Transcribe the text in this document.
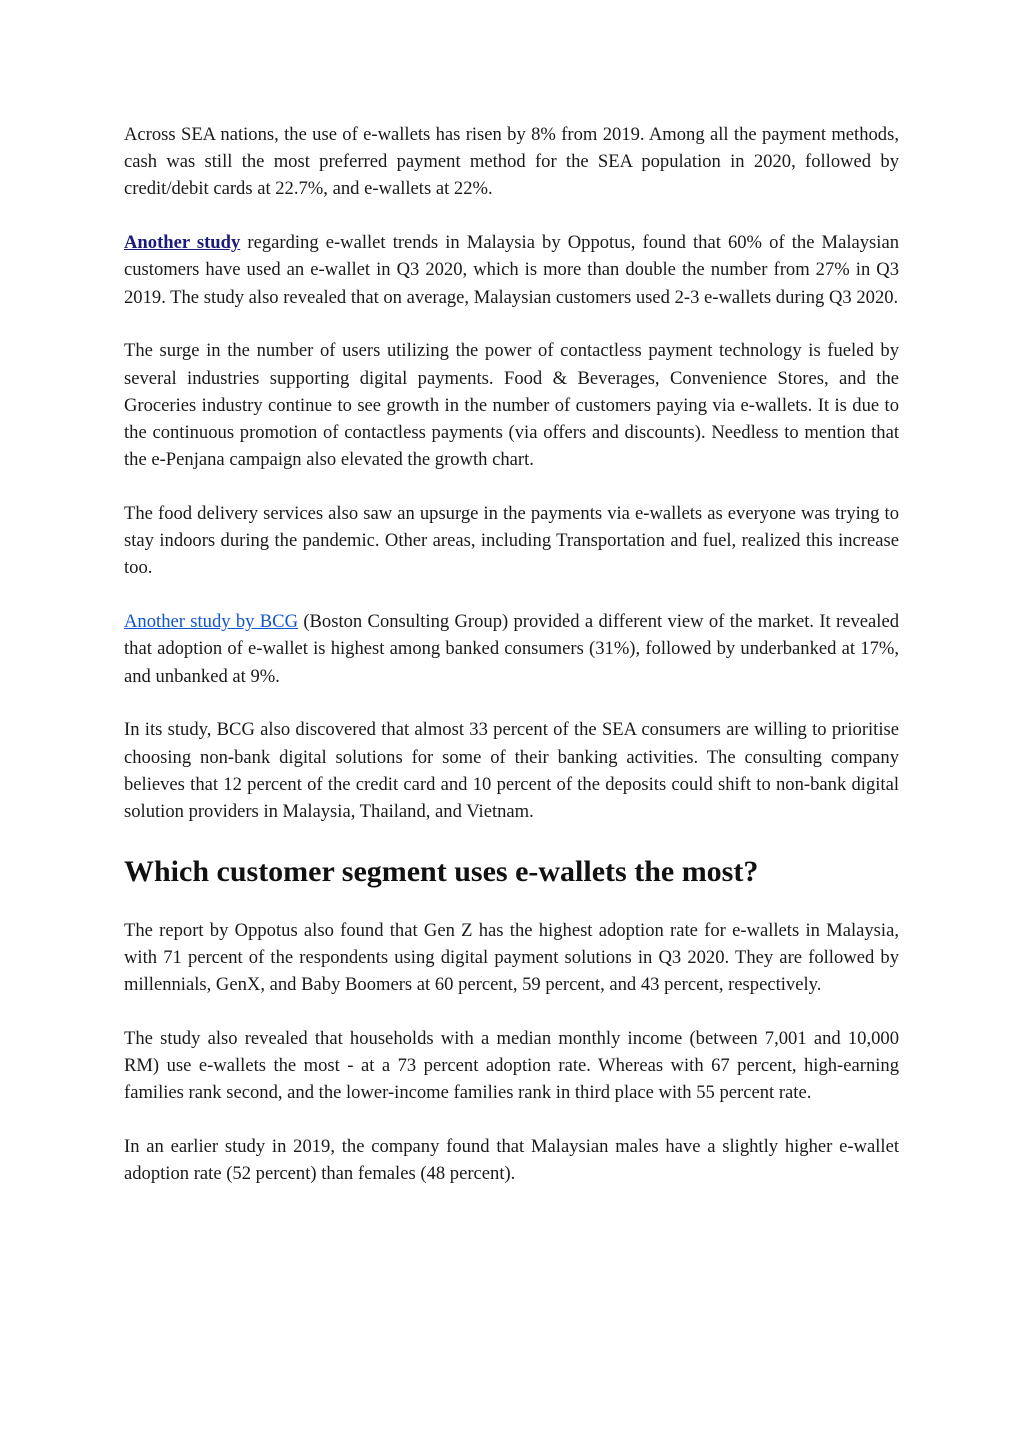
Across SEA nations, the use of e-wallets has risen by 8% from 2019. Among all the payment methods, cash was still the most preferred payment method for the SEA population in 2020, followed by credit/debit cards at 22.7%, and e-wallets at 22%.

Another study regarding e-wallet trends in Malaysia by Oppotus, found that 60% of the Malaysian customers have used an e-wallet in Q3 2020, which is more than double the number from 27% in Q3 2019. The study also revealed that on average, Malaysian customers used 2-3 e-wallets during Q3 2020.

The surge in the number of users utilizing the power of contactless payment technology is fueled by several industries supporting digital payments. Food & Beverages, Convenience Stores, and the Groceries industry continue to see growth in the number of customers paying via e-wallets. It is due to the continuous promotion of contactless payments (via offers and discounts). Needless to mention that the e-Penjana campaign also elevated the growth chart.

The food delivery services also saw an upsurge in the payments via e-wallets as everyone was trying to stay indoors during the pandemic. Other areas, including Transportation and fuel, realized this increase too.

Another study by BCG (Boston Consulting Group) provided a different view of the market. It revealed that adoption of e-wallet is highest among banked consumers (31%), followed by underbanked at 17%, and unbanked at 9%.

In its study, BCG also discovered that almost 33 percent of the SEA consumers are willing to prioritise choosing non-bank digital solutions for some of their banking activities. The consulting company believes that 12 percent of the credit card and 10 percent of the deposits could shift to non-bank digital solution providers in Malaysia, Thailand, and Vietnam.

Which customer segment uses e-wallets the most?

The report by Oppotus also found that Gen Z has the highest adoption rate for e-wallets in Malaysia, with 71 percent of the respondents using digital payment solutions in Q3 2020. They are followed by millennials, GenX, and Baby Boomers at 60 percent, 59 percent, and 43 percent, respectively.

The study also revealed that households with a median monthly income (between 7,001 and 10,000 RM) use e-wallets the most - at a 73 percent adoption rate. Whereas with 67 percent, high-earning families rank second, and the lower-income families rank in third place with 55 percent rate.

In an earlier study in 2019, the company found that Malaysian males have a slightly higher e-wallet adoption rate (52 percent) than females (48 percent).
